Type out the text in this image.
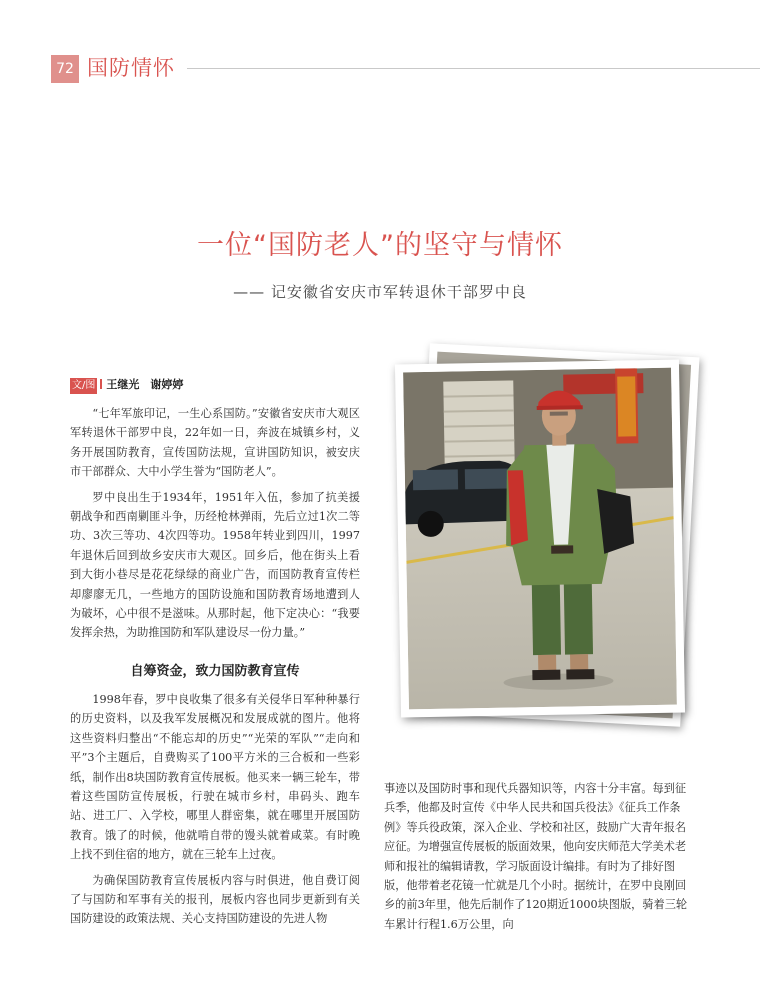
72 国防情怀
一位“国防老人”的坚守与情怀
—— 记安徽省安庆市军转退休干部罗中良
文/图 王继光　谢婷婷

“七年军旅印记，一生心系国防。”安徽省安庆市大观区军转退休干部罗中良，22年如一日，奔波在城镇乡村，义务开展国防教育，宣传国防法规，宣讲国防知识，被安庆市干部群众、大中小学生誉为“国防老人”。

罗中良出生于1934年，1951年入伍，参加了抗美援朝战争和西南剿匪斗争，历经枪林弹雨，先后立过1次二等功、3次三等功、4次四等功。1958年转业到四川，1997年退休后回到故乡安庆市大观区。回乡后，他在街头上看到大街小巷尽是花花绿绿的商业广告，而国防教育宣传栏却廖廖无几，一些地方的国防设施和国防教育场地遭到人为破坏，心中很不是滋味。从那时起，他下定决心：“我要发挥余热，为助推国防和军队建设尽一份力量。”

自筹资金，致力国防教育宣传

1998年春，罗中良收集了很多有关侵华日军种种暴行的历史资料，以及我军发展概况和发展成就的图片。他将这些资料归整出“不能忘却的历史”“光荣的军队”“走向和平”3个主题后，自费购买了100平方米的三合板和一些彩纸，制作出8块国防教育宣传展板。他买来一辆三轮车，带着这些国防宣传展板，行驶在城市乡村，串码头、跑车站、进工厂、入学校，哪里人群密集，就在哪里开展国防教育。饿了的时候，他就啃自带的馒头就着咸菜。有时晚上找不到住宿的地方，就在三轮车上过夜。

为确保国防教育宣传展板内容与时俱进，他自费订阅了与国防和军事有关的报刊，展板内容也同步更新到有关国防建设的政策法规、关心支持国防建设的先进人物

事迹以及国防时事和现代兵器知识等，内容十分丰富。每到征兵季，他都及时宣传《中华人民共和国兵役法》《征兵工作条例》等兵役政策，深入企业、学校和社区，鼓励广大青年报名应征。为增强宣传展板的版面效果，他向安庆师范大学美术老师和报社的编辑请教，学习版面设计编排。有时为了排好图版，他带着老花镜一忙就是几个小时。据统计，在罗中良刚回乡的前3年里，他先后制作了120期近1000块图版，骑着三轮车累计行程1.6万公里，向
